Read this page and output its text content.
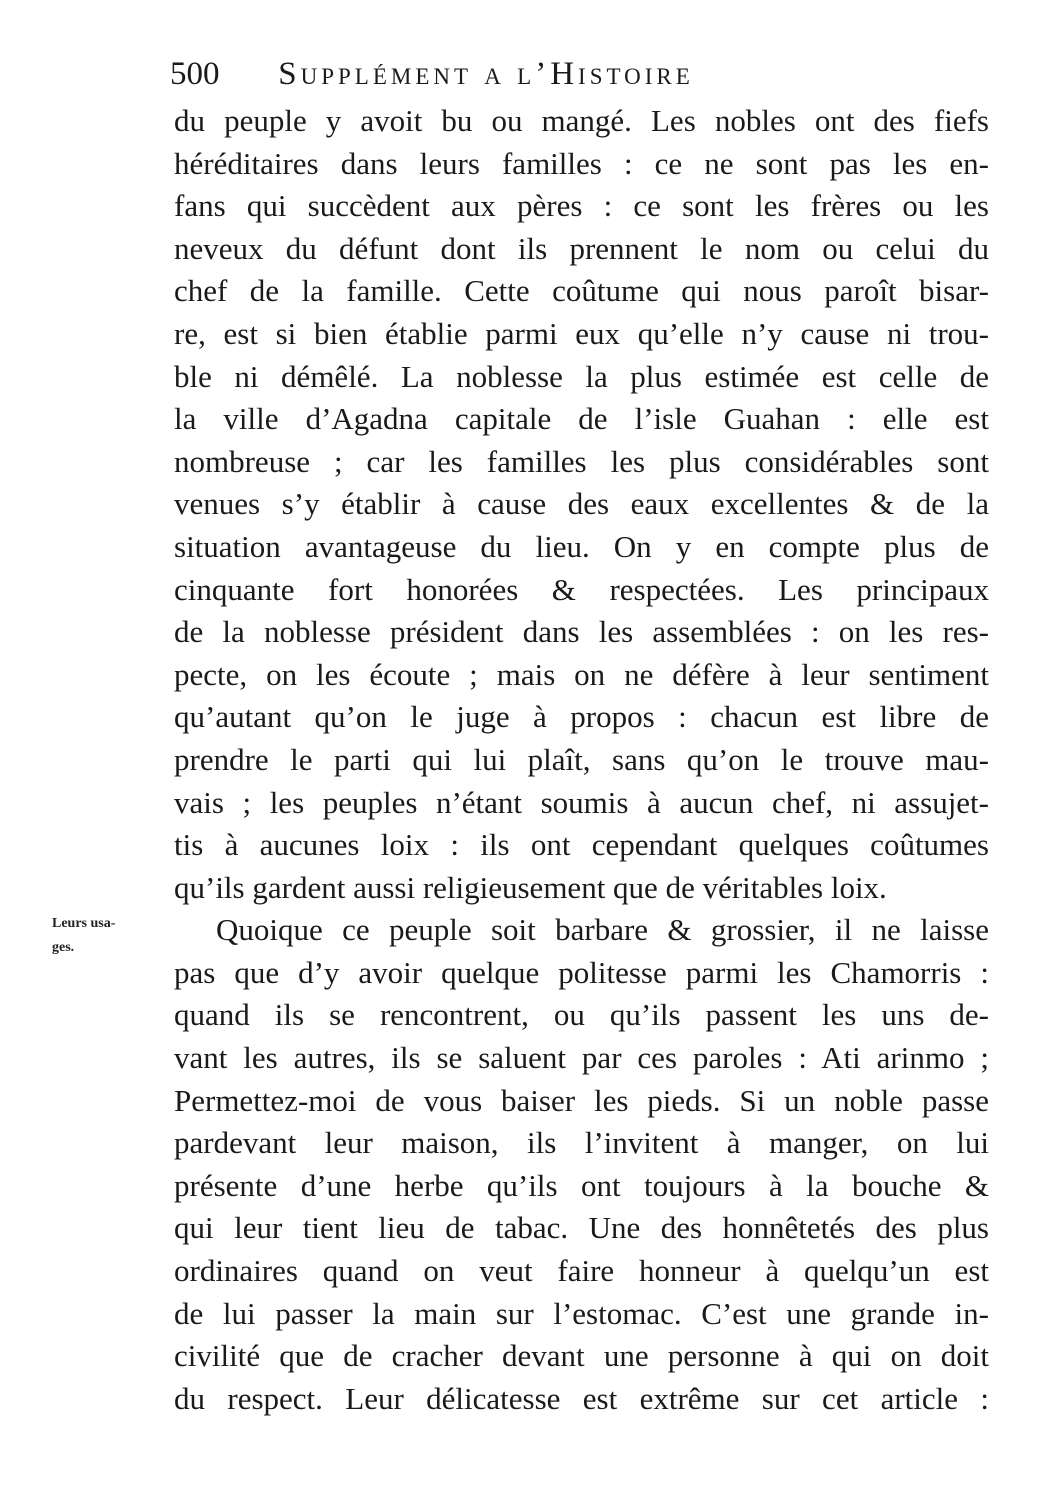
500 Supplément a l’Histoire
Leurs usa-
ges.
du peuple y avoit bu ou mangé. Les nobles ont des fiefs
héréditaires dans leurs familles : ce ne sont pas les en-
fans qui succèdent aux pères : ce sont les frères ou les
neveux du défunt dont ils prennent le nom ou celui du
chef de la famille. Cette coûtume qui nous paroît bisar-
re, est si bien établie parmi eux qu’elle n’y cause ni trou-
ble ni démêlé. La noblesse la plus estimée est celle de
la ville d’Agadna capitale de l’isle Guahan : elle est
nombreuse ; car les familles les plus considérables sont
venues s’y établir à cause des eaux excellentes & de la
situation avantageuse du lieu. On y en compte plus de
cinquante fort honorées & respectées. Les principaux
de la noblesse président dans les assemblées : on les res-
pecte, on les écoute ; mais on ne défère à leur sentiment
qu’autant qu’on le juge à propos : chacun est libre de
prendre le parti qui lui plaît, sans qu’on le trouve mau-
vais ; les peuples n’étant soumis à aucun chef, ni assujet-
tis à aucunes loix : ils ont cependant quelques coûtumes
qu’ils gardent aussi religieusement que de véritables loix.
Quoique ce peuple soit barbare & grossier, il ne laisse
pas que d’y avoir quelque politesse parmi les Chamorris :
quand ils se rencontrent, ou qu’ils passent les uns de-
vant les autres, ils se saluent par ces paroles : Ati arinmo ;
Permettez-moi de vous baiser les pieds. Si un noble passe
pardevant leur maison, ils l’invitent à manger, on lui
présente d’une herbe qu’ils ont toujours à la bouche &
qui leur tient lieu de tabac. Une des honnêtetés des plus
ordinaires quand on veut faire honneur à quelqu’un est
de lui passer la main sur l’estomac. C’est une grande in-
civilité que de cracher devant une personne à qui on doit
du respect. Leur délicatesse est extrême sur cet article :
